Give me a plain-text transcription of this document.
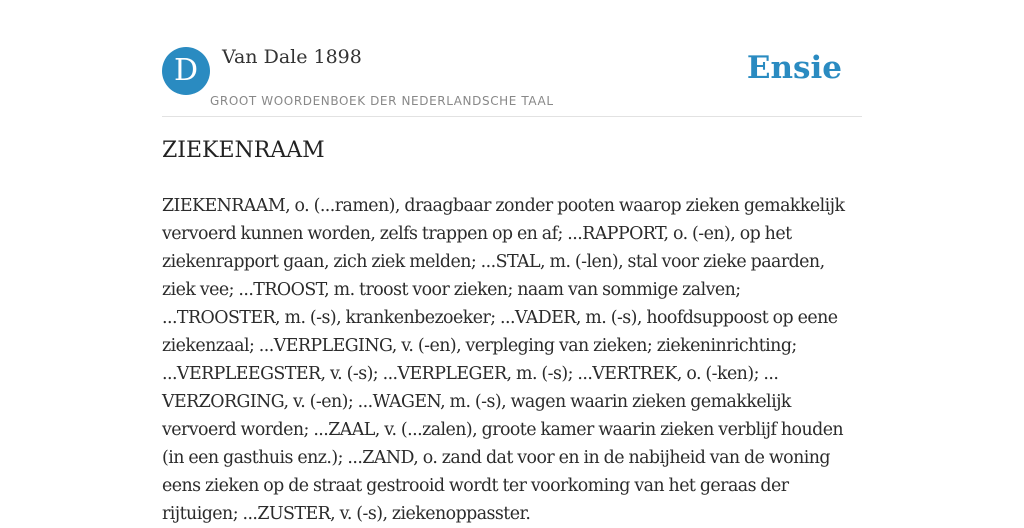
D	Van Dale 1898
GROOT WOORDENBOEK DER NEDERLANDSCHE TAAL
Ensie
ZIEKENRAAM

ZIEKENRAAM, o. (...ramen), draagbaar zonder pooten waarop zieken gemakkelijk vervoerd kunnen worden, zelfs trappen op en af; ...RAPPORT, o. (-en), op het ziekenrapport gaan, zich ziek melden; ...STAL, m. (-len), stal voor zieke paarden, ziek vee; ...TROOST, m. troost voor zieken; naam van sommige zalven; ...TROOSTER, m. (-s), krankenbezoeker; ...VADER, m. (-s), hoofdsuppoost op eene ziekenzaal; ...VERPLEGING, v. (-en), verpleging van zieken; ziekeninrichting; ...VERPLEEGSTER, v. (-s); ...VERPLEGER, m. (-s); ...VERTREK, o. (-ken); ... VERZORGING, v. (-en); ...WAGEN, m. (-s), wagen waarin zieken gemakkelijk vervoerd worden; ...ZAAL, v. (...zalen), groote kamer waarin zieken verblijf houden (in een gasthuis enz.); ...ZAND, o. zand dat voor en in de nabijheid van de woning eens zieken op de straat gestrooid wordt ter voorkoming van het geraas der rijtuigen; ...ZUSTER, v. (-s), ziekenoppasster.
